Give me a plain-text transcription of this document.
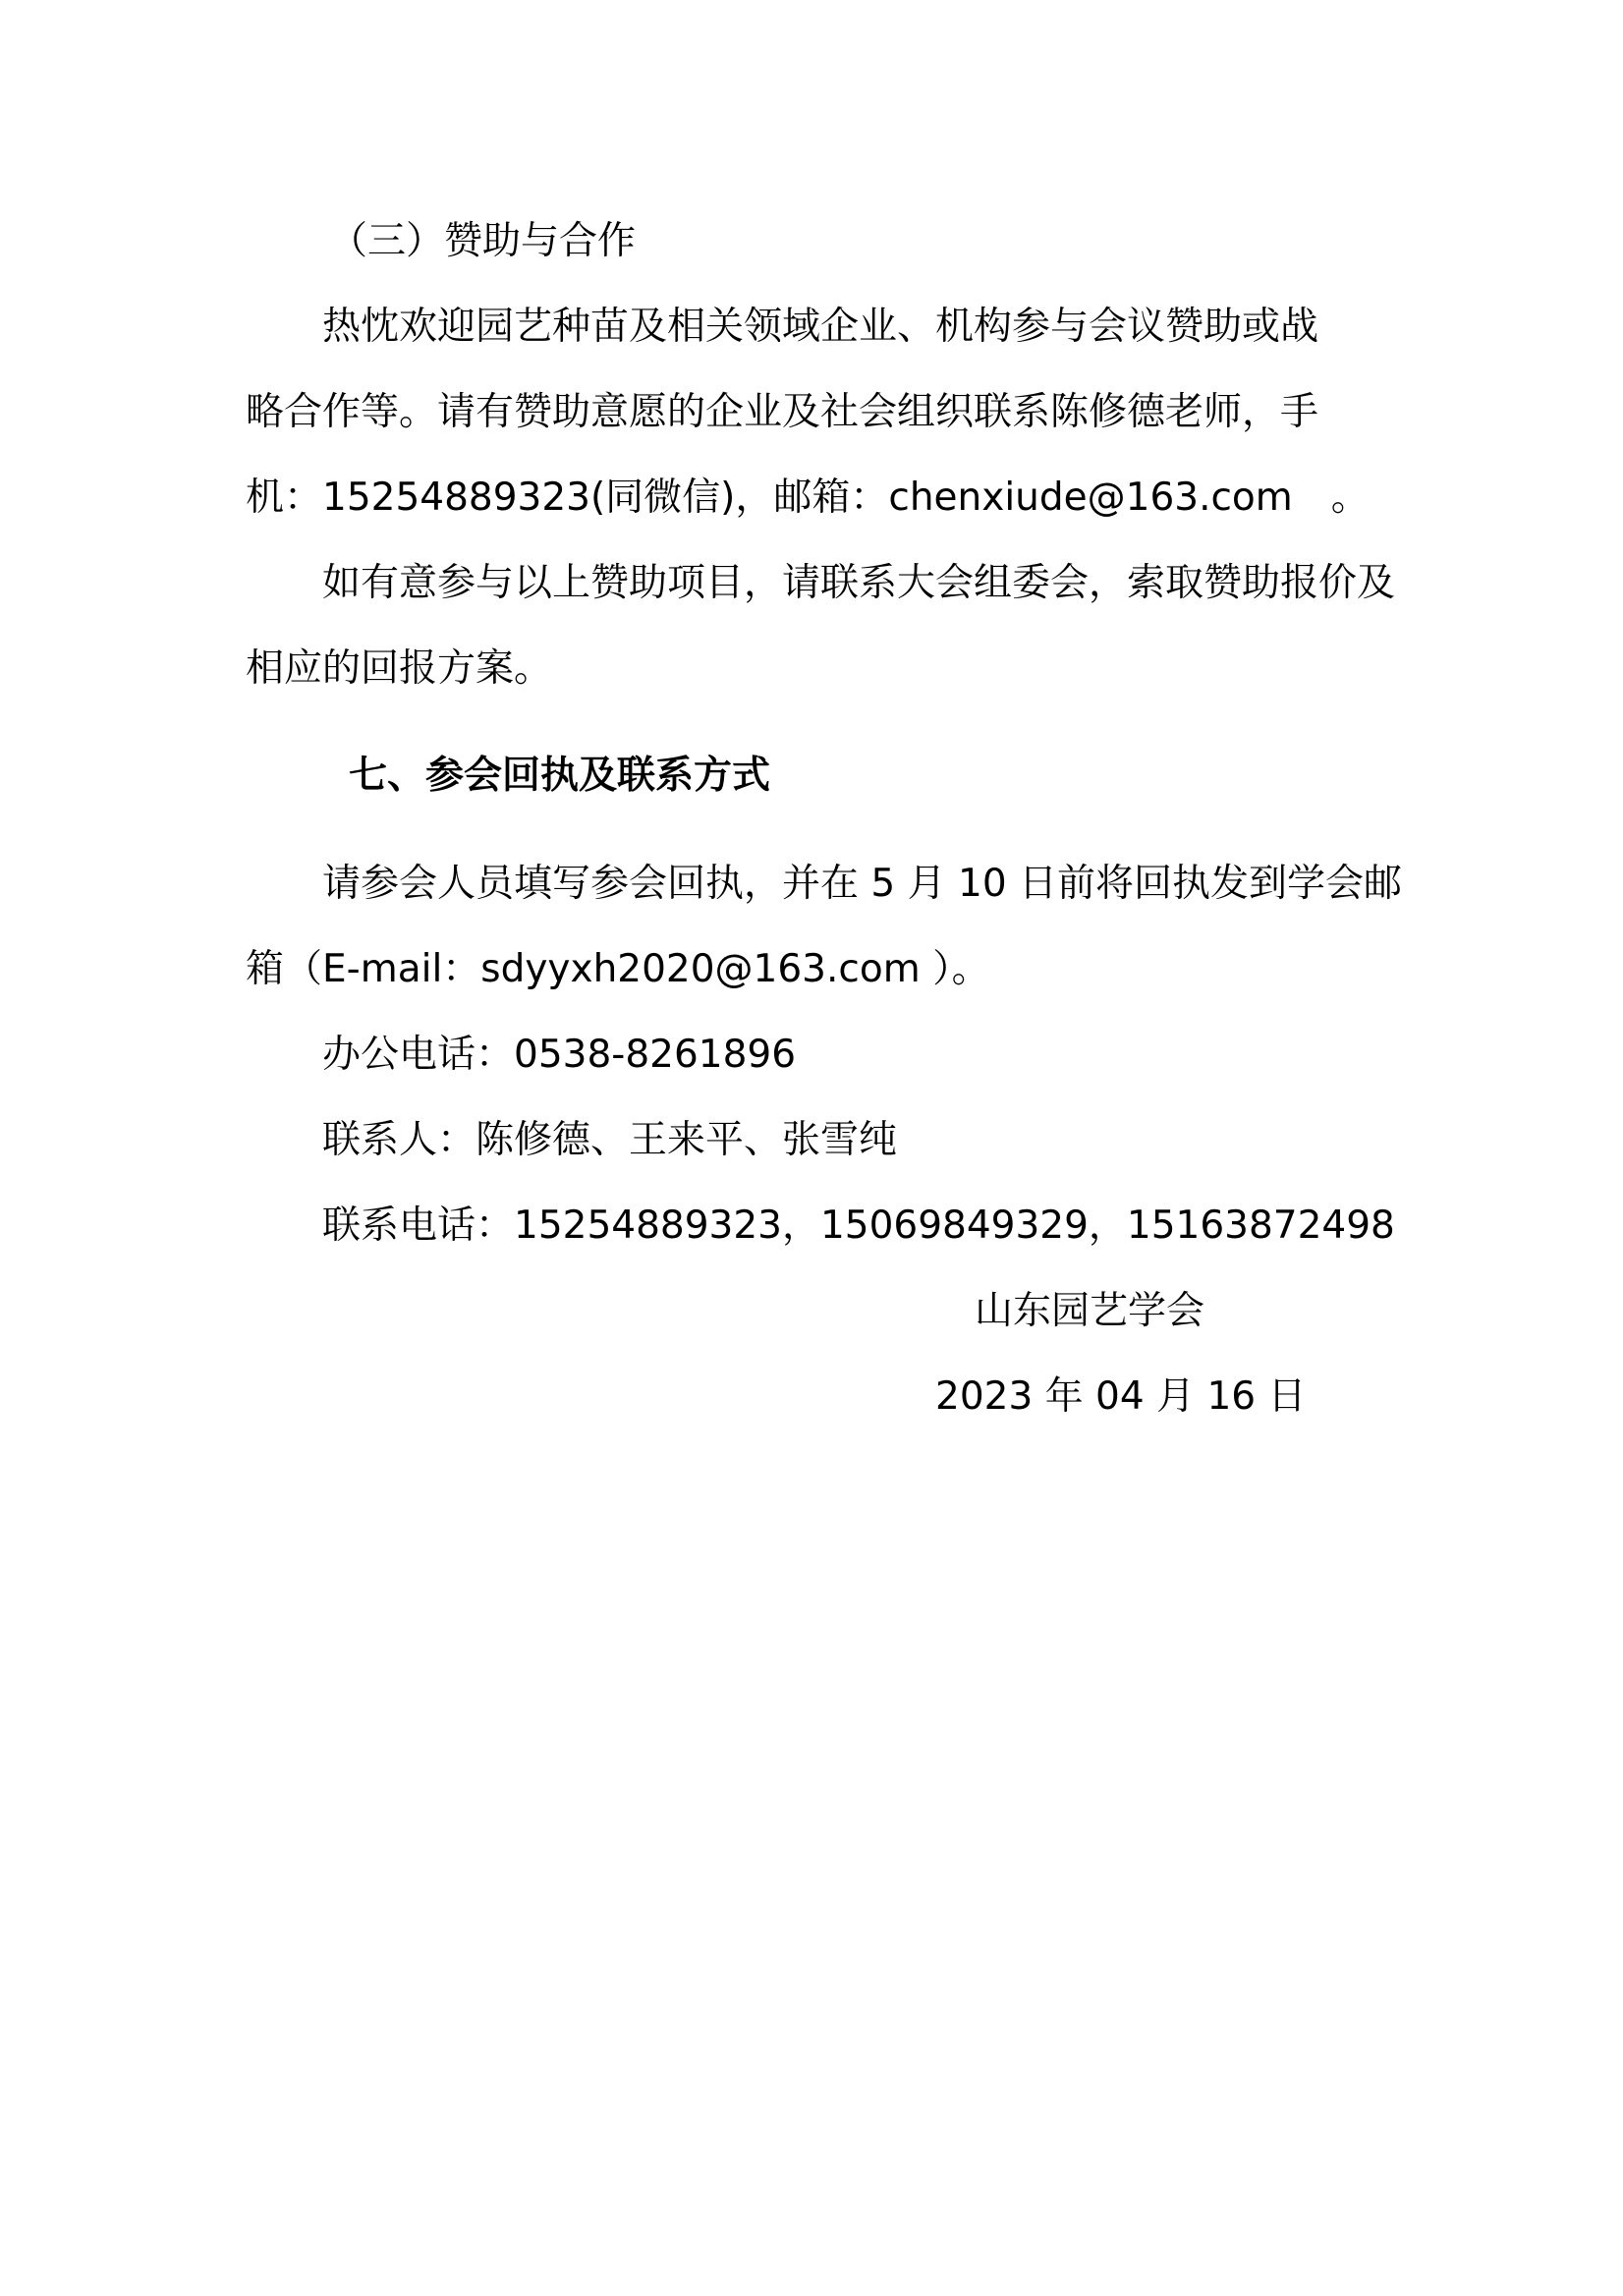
（三）赞助与合作
热忱欢迎园艺种苗及相关领域企业、机构参与会议赞助或战
略合作等。请有赞助意愿的企业及社会组织联系陈修德老师，手
机：15254889323(同微信)，邮箱：chenxiude@163.com　。
如有意参与以上赞助项目，请联系大会组委会，索取赞助报价及
相应的回报方案。
七、参会回执及联系方式
请参会人员填写参会回执，并在 5 月 10 日前将回执发到学会邮
箱（E-mail：sdyyxh2020@163.com ）。
办公电话：0538-8261896
联系人：陈修德、王来平、张雪纯
联系电话：15254889323，15069849329，15163872498
山东园艺学会
2023 年 04 月 16 日
